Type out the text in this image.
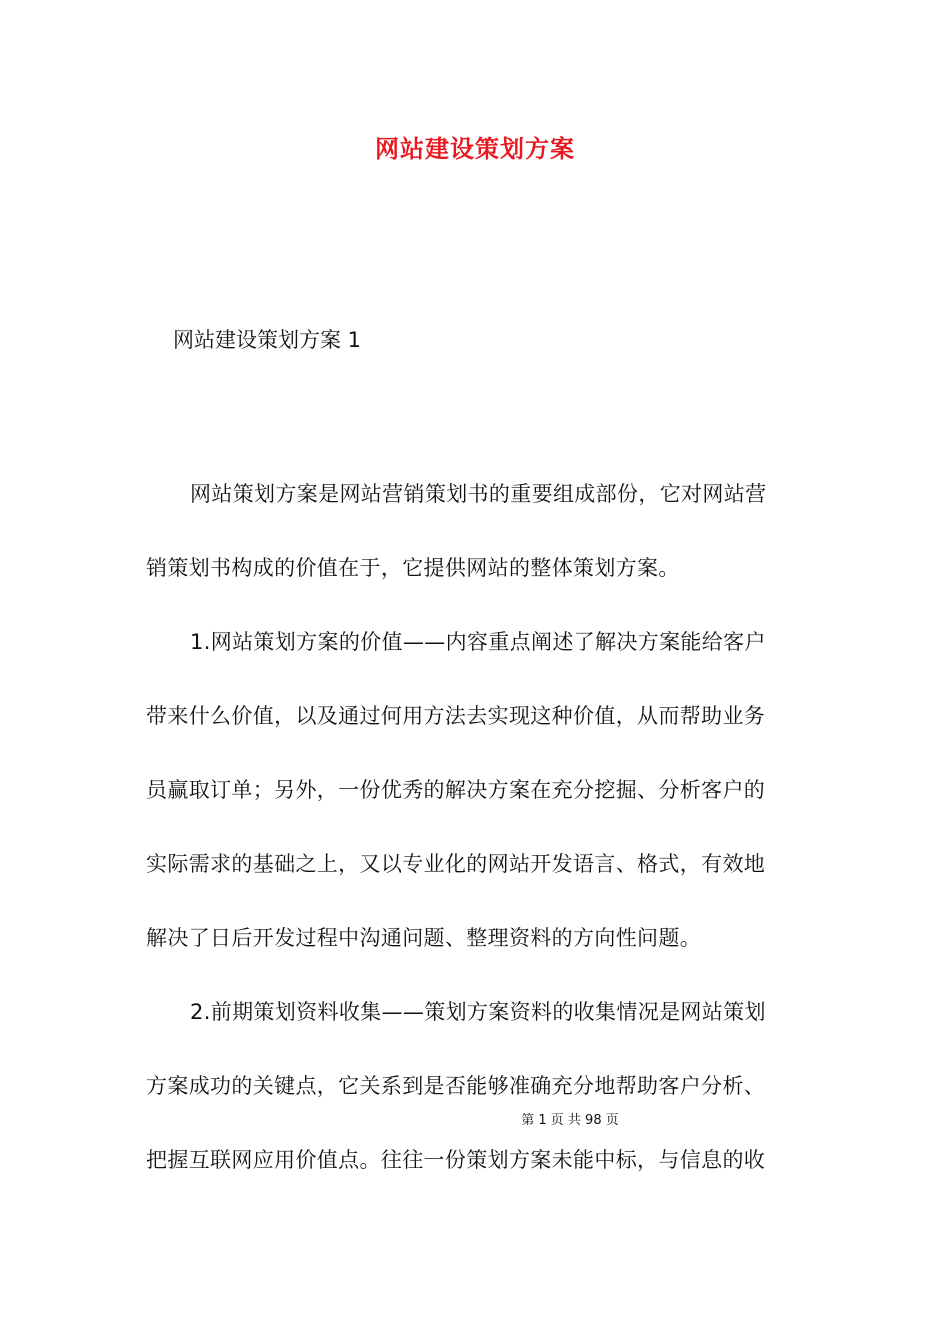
网站建设策划方案
网站建设策划方案 1
网站策划方案是网站营销策划书的重要组成部份，它对网站营
销策划书构成的价值在于，它提供网站的整体策划方案。
1.网站策划方案的价值——内容重点阐述了解决方案能给客户
带来什么价值，以及通过何用方法去实现这种价值，从而帮助业务
员赢取订单；另外，一份优秀的解决方案在充分挖掘、分析客户的
实际需求的基础之上，又以专业化的网站开发语言、格式，有效地
解决了日后开发过程中沟通问题、整理资料的方向性问题。
2.前期策划资料收集——策划方案资料的收集情况是网站策划
方案成功的关键点，它关系到是否能够准确充分地帮助客户分析、
把握互联网应用价值点。往往一份策划方案未能中标，与信息的收
第 1 页 共 98 页
